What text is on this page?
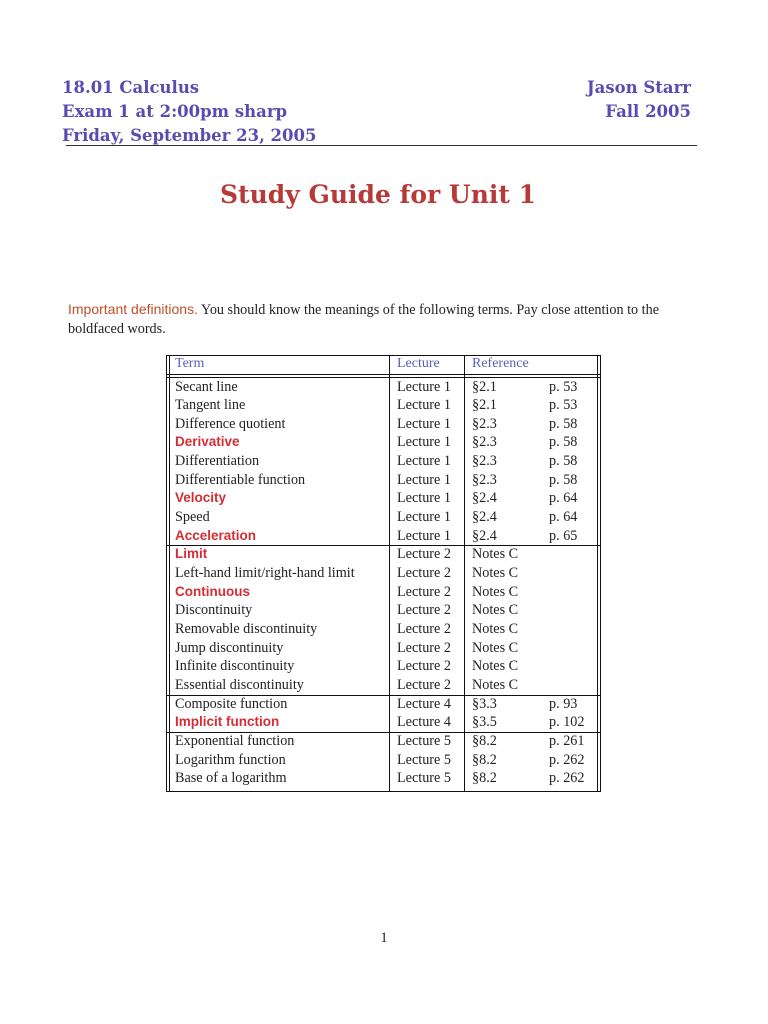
18.01 Calculus
Exam 1 at 2:00pm sharp
Friday, September 23, 2005
Jason Starr
Fall 2005
Study Guide for Unit 1
Important definitions. You should know the meanings of the following terms. Pay close attention to the boldfaced words.
Term	Lecture Reference
Secant line	Lecture 1 §2.1	p. 53
Tangent line	Lecture 1 §2.1	p. 53
Difference quotient	Lecture 1 §2.3	p. 58
Derivative	Lecture 1 §2.3	p. 58
Differentiation	Lecture 1 §2.3	p. 58
Differentiable function	Lecture 1 §2.3	p. 58
Velocity	Lecture 1 §2.4	p. 64
Speed	Lecture 1 §2.4	p. 64
Acceleration	Lecture 1 §2.4	p. 65
Limit	Lecture 2 Notes C
Left-hand limit/right-hand limit	Lecture 2 Notes C
Continuous	Lecture 2 Notes C
Discontinuity	Lecture 2 Notes C
Removable discontinuity	Lecture 2 Notes C
Jump discontinuity	Lecture 2 Notes C
Infinite discontinuity	Lecture 2 Notes C
Essential discontinuity	Lecture 2 Notes C
Composite function	Lecture 4 §3.3	p. 93
Implicit function	Lecture 4 §3.5	p. 102
Exponential function	Lecture 5 §8.2	p. 261
Logarithm function	Lecture 5 §8.2	p. 262
Base of a logarithm	Lecture 5 §8.2	p. 262
1
